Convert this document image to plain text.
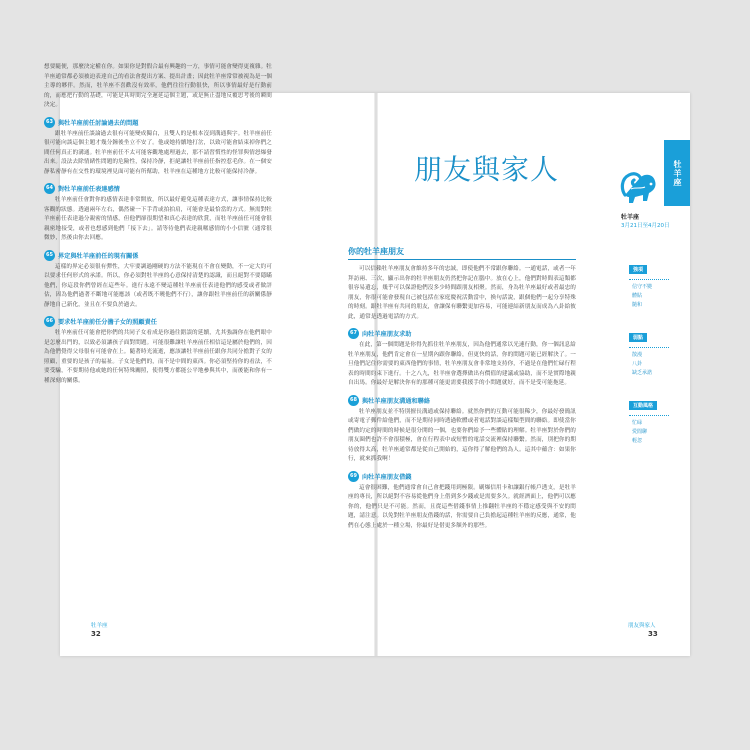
想要隨便，那麼決定權在你。如果你是對假合最有興趣的一方，事情可能會變得更複雜。牡羊座通常都必須被迫表達自己的看法會提出方案、提出計畫；因此牡羊座常常被視為是一個主導的夥伴。然而，牡羊座不喜歡沒有效率，他們往往行動很快，所以事情最好是行動前的，而應把行動的基礎，可能是具時間完全遲延這個主題，或是無止盡地反覆思考後的瞬間決定。

63 與牡羊座前任討論過去的問題

跟牡羊座前任談論過去很有可能變成獨白，且雙人的是根本沒到溝通與字。牡羊座前任很可能向談這個主題才幾分鐘後坐立不安了。他或她持續地打岔，以致可能會結束掉你們之間任何真正的溝通。牡羊座前任不太可能客觀地處理過去，那不請習慣性的怪罪與情怒爆發出來。設法去除情緒性問題的危險性，保持冷靜，拒絕讓牡羊座前任指控惹毛你。在一個安靜私密靜有在交性的環境裡見面可能有所幫助，牡羊座在這種地方比較可能保持冷靜。

64 對牡羊座前任表達感情

牡羊座前任會對你的感情表達非常開放，所以最好避免這種表達方式，讓事情保持比較客觀的狀態。透過兩年左右，偶然碰一下手背或拍拍肩，可能會是最恰當的方式。無需對牡羊座前任表達過分親密的情感，但他們卻很期望和真心表達的欣賞，而牡羊座前任可能會很親密地接受，或者也想感到他們「接下去」。請等待他們表達親暱感情的小小信號（通常很微妙，然後由你去回應。

65 界定與牡羊座前任的現有關係

這樣的界定必須很有彈性，大牢要調過剛硬的方法不能現在不會在變動，不一定大約可以要求任何形式的承諾。所以，你必須對牡羊座的心意保持清楚的認識，而且絕對不要隱瞞他們，你這段你們曾經在這些年。進行永遠不變這種牡羊座前任表達他們的感受或者做評估，因為他們過著不斷地可能應該（或者既不曉他們不行），讓你跟牡羊座前任的新關係靜靜地自己新化，並且在不要負於過去。

66 要求牡羊座前任分擔子女的照顧責任

牡羊座前任可能會把你們的共同子女看成是你過往錯誤的延續，尤其強調你在他們眼中是怎麼出門的，以致必須讓孩子面對問題。可能很難讓牡羊座前任相信這是屬於他們的，因為他們覺得父母很有可能會在上。隨著時光流逝，應該讓牡羊座前任跟你共同分擔對子女的照顧，重要的是孩子的福祉。子女是他們的，而不是中間的東西。你必須堅持你的看法，不要受騙，不要期待他或她的任何特殊關照，使得雙方都能公平地參與其中，而後能和你有一種深刻的關係。

牡羊座
32
朋友與家人	牡羊座
牡羊座
3月21日至4月20日
你的牡羊座朋友

可以信賴牡羊座朋友會維持多年的忠誠，即使他們不常跟你聯絡。一通電話，或者一年拜訪兩、三次，顯示出你的牡羊座朋友仍然把你記在腦中。放在心上，他們對時間表這類都很容易遺忘，幾乎可以保證他們沒多少時間跟朋友相聚。然而，身為牡羊座最好或者最忠的朋友，你很可能會發現自己被包括在家庭慶祝活動當中，換句話說，跟個他們一起分享特殊的時刻。跟牡羊座有共同的朋友，會讓保有聯繫更加容易，可能連結新朋友而成為八卦給彼此，通常是透過電話的方式。

67 向牡羊座朋友求助

在此，第一個問題是你得先抓住牡羊座朋友，因為他們通常以光速行動，你一個訊息給牡羊座朋友，他們肯定會在一星期內跟你聯絡，但更快的話，你的問題可能已經解決了。一旦他們記住你需要的東西他們的事情，牡羊座朋友會非常地支持你，不過是在他們忙碌行程表的時間約束下進行。十之八九，牡羊座會選擇做出有價值的建議或協助，而不是實際地親自出馬。你最好是解決你有的那種可能更需要我援手的小問題就好，而不是受可能拖延。

68 與牡羊座朋友溝通和聯絡

牡羊座朋友並不特別擅長溝通或保持聯絡。就然你們的互動可能很稀少，你最好發簡訊或寄電子郵件給他們，而不是期待同時透過軟體或者電話對談這樣類型間的聯絡。即使當你們做約定的時間的時候是很分開的一個，也要你們給予一些體貼的理解。牡羊座對於你們的朋友圈們也許不會很積極，會在行程表中或短暫的電話交流裡保持聯繫。然而，別把你的期待放得太高，牡羊座通常都是從自己開始的，這你得了解他們的為人。這其中蘊含：如果你行，就來抓我啊！

69 向牡羊座朋友借錢

這會很困難，他們通常會自己會把錢用到極限。刷爆信用卡和讓銀行帳戶透支，是牡羊座的專長，所以絕對不容易從他們身上借到多少錢或是需要多久。就經濟面上，他們可以應你的，他們只是不可能。然而，且從這些借錢事情上推翻牡羊座的不穩定感受與不安的問題，請注意。以免對牡羊座朋友借錢的話，你需要自己負擔起這種牡羊座的反應，通常，他們在心態上處於一種立場，你最好是借更多額外的那些。

強項
信守不變
體貼
隨和
弱點
散漫
八卦
缺乏承諾
互動風格
忙碌
愛閒聊
輕忽
朋友與家人
33
